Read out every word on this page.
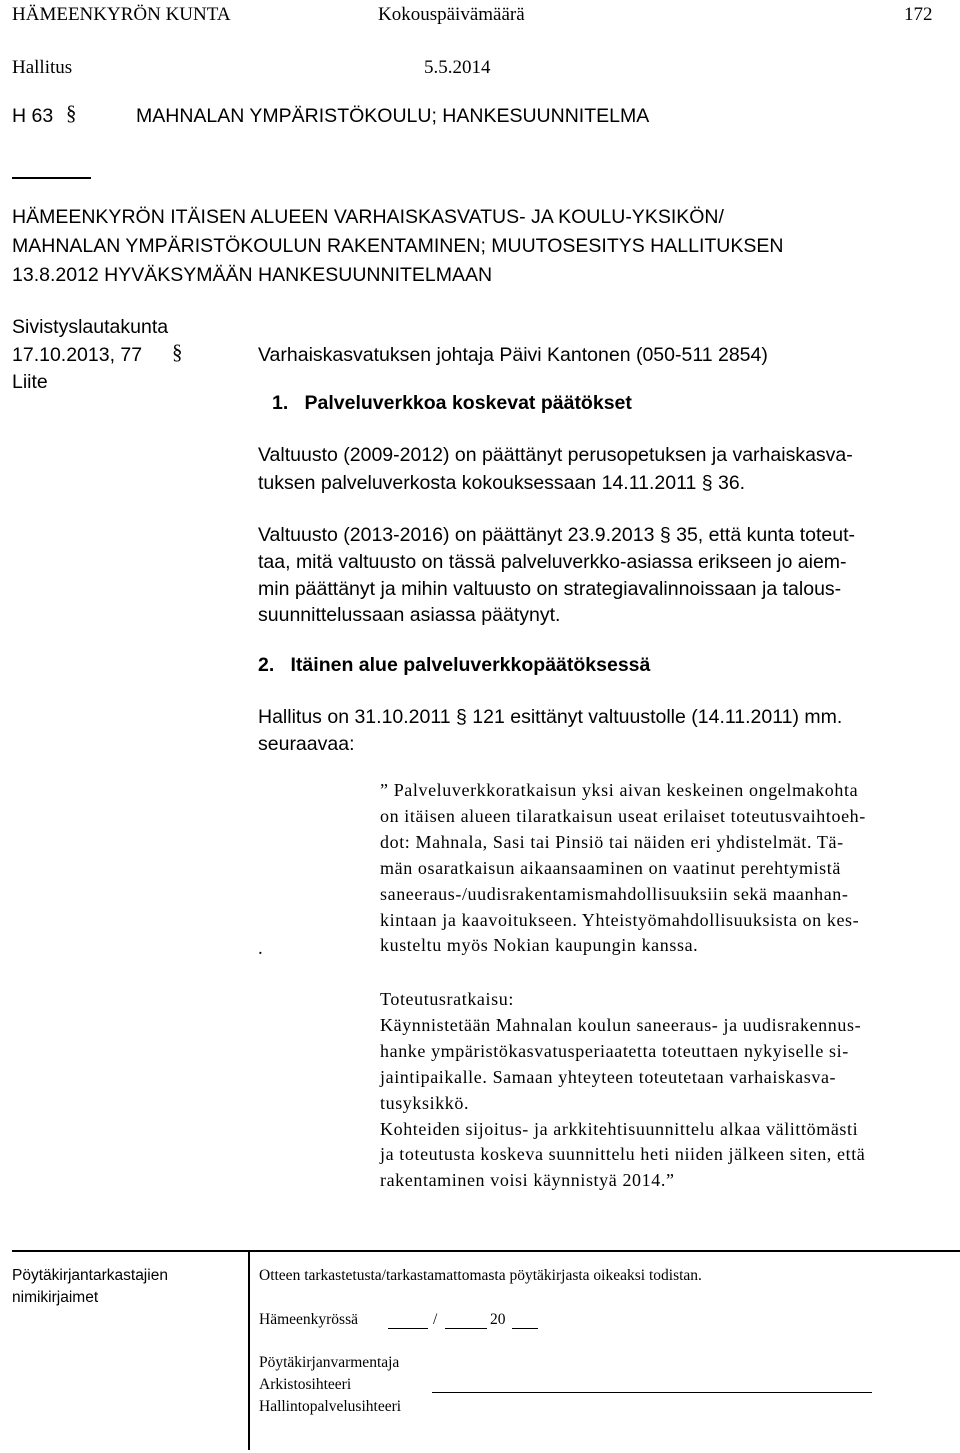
HÄMEENKYRÖN KUNTA	Kokouspäivämäärä	172
Hallitus	5.5.2014
H 63 §	MAHNALAN YMPÄRISTÖKOULU; HANKESUUNNITELMA
HÄMEENKYRÖN ITÄISEN ALUEEN VARHAISKASVATUS- JA KOULU-YKSIKÖN/
MAHNALAN YMPÄRISTÖKOULUN RAKENTAMINEN; MUUTOSESITYS HALLITUKSEN
13.8.2012 HYVÄKSYMÄÄN HANKESUUNNITELMAAN
Sivistyslautakunta
17.10.2013, 77 §
Liite
Varhaiskasvatuksen johtaja Päivi Kantonen (050-511 2854)
1.   Palveluverkkoa koskevat päätökset
Valtuusto (2009-2012) on päättänyt perusopetuksen ja varhaiskasva-
tuksen palveluverkosta kokouksessaan 14.11.2011 § 36.
Valtuusto (2013-2016) on päättänyt 23.9.2013 § 35, että kunta toteut-
taa, mitä valtuusto on tässä palveluverkko-asiassa erikseen jo aiem-
min päättänyt ja mihin valtuusto on strategiavalinnoissaan ja talous-
suunnittelussaan asiassa päätynyt.
2.   Itäinen alue palveluverkkopäätöksessä
Hallitus on 31.10.2011 § 121 esittänyt valtuustolle (14.11.2011) mm.
seuraavaa:
.
” Palveluverkkoratkaisun yksi aivan keskeinen ongelmakohta
on itäisen alueen tilaratkaisun useat erilaiset toteutusvaihtoeh-
dot: Mahnala, Sasi tai Pinsiö tai näiden eri yhdistelmät. Tä-
män osaratkaisun aikaansaaminen on vaatinut perehtymistä
saneeraus-/uudisrakentamismahdollisuuksiin sekä maanhan-
kintaan ja kaavoitukseen. Yhteistyömahdollisuuksista on kes-
kusteltu myös Nokian kaupungin kanssa.
Toteutusratkaisu:
Käynnistetään Mahnalan koulun saneeraus- ja uudisrakennus-
hanke ympäristökasvatusperiaatetta toteuttaen nykyiselle si-
jaintipaikalle. Samaan yhteyteen toteutetaan varhaiskasva-
tusyksikkö.
Kohteiden sijoitus- ja arkkitehtisuunnittelu alkaa välittömästi
ja toteutusta koskeva suunnittelu heti niiden jälkeen siten, että
rakentaminen voisi käynnistyä 2014.”
Pöytäkirjantarkastajien
nimikirjaimet
Otteen tarkastetusta/tarkastamattomasta pöytäkirjasta oikeaksi todistan.
Hämeenkyrössä	/	20
Pöytäkirjanvarmentaja
Arkistosihteeri
Hallintopalvelusihteeri
